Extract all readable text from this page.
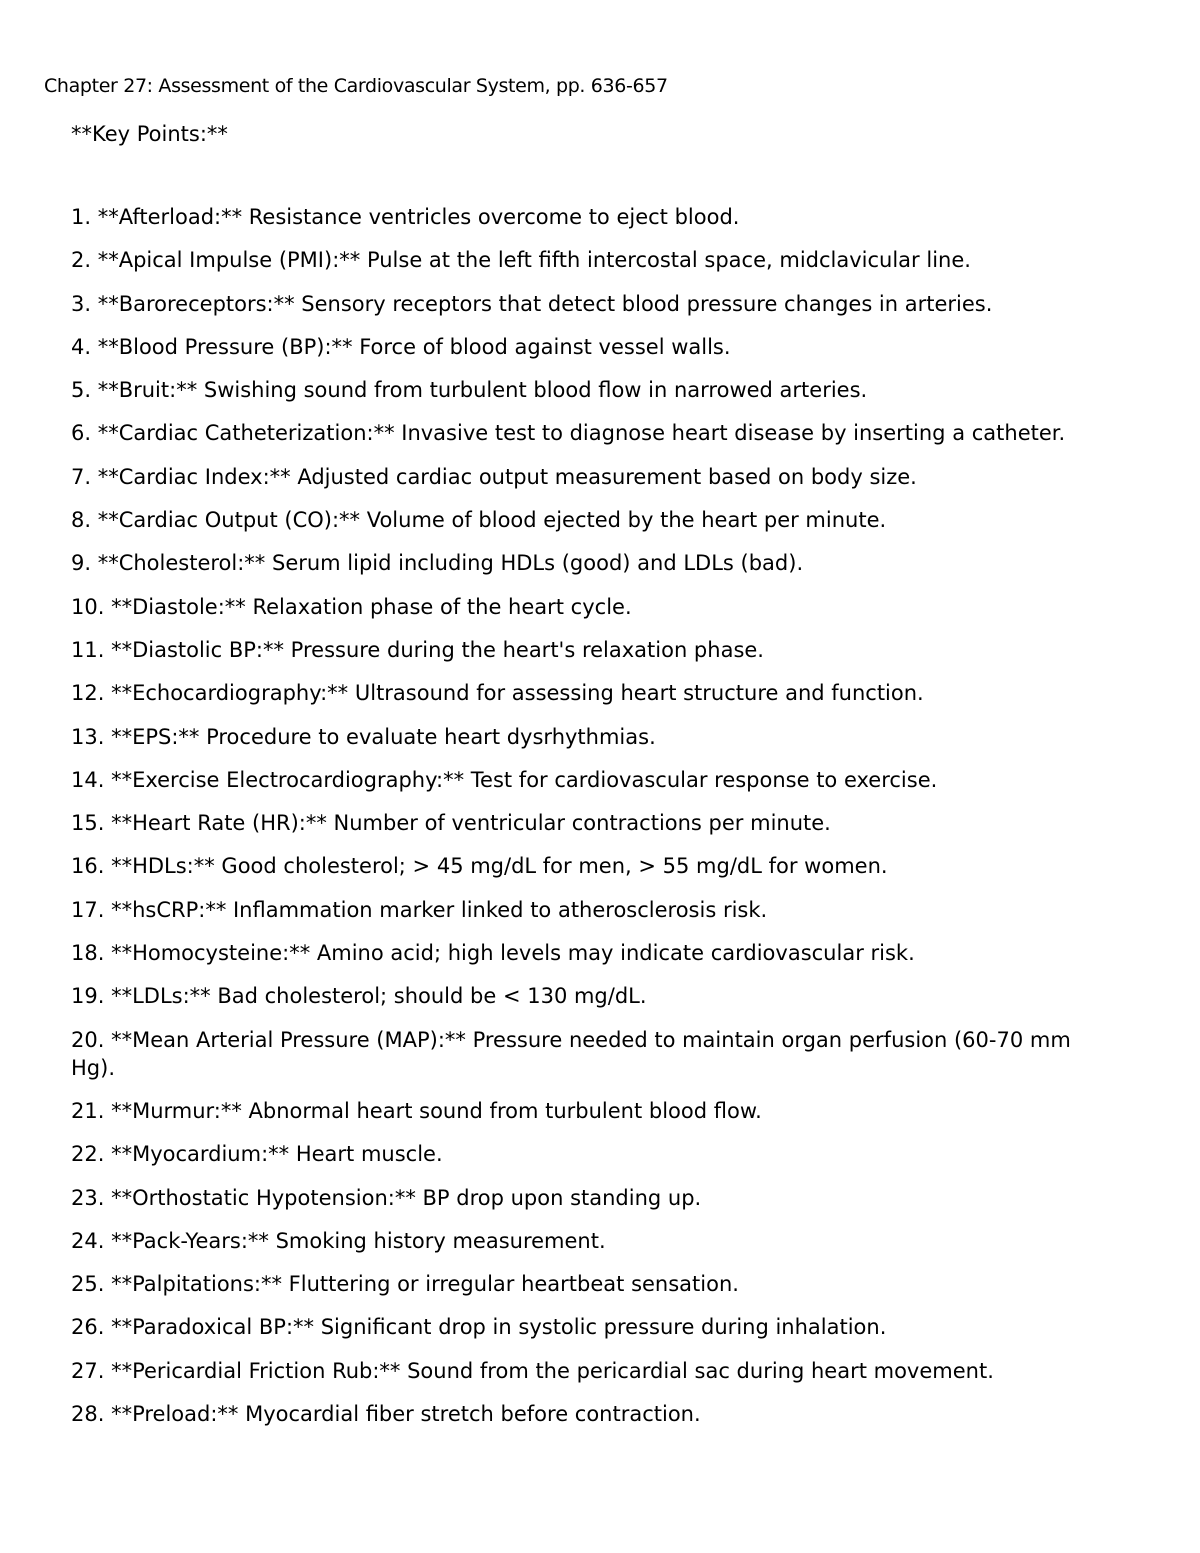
Chapter 27: Assessment of the Cardiovascular System, pp. 636-657
**Key Points:**
1. **Afterload:** Resistance ventricles overcome to eject blood.
2. **Apical Impulse (PMI):** Pulse at the left fifth intercostal space, midclavicular line.
3. **Baroreceptors:** Sensory receptors that detect blood pressure changes in arteries.
4. **Blood Pressure (BP):** Force of blood against vessel walls.
5. **Bruit:** Swishing sound from turbulent blood flow in narrowed arteries.
6. **Cardiac Catheterization:** Invasive test to diagnose heart disease by inserting a catheter.
7. **Cardiac Index:** Adjusted cardiac output measurement based on body size.
8. **Cardiac Output (CO):** Volume of blood ejected by the heart per minute.
9. **Cholesterol:** Serum lipid including HDLs (good) and LDLs (bad).
10. **Diastole:** Relaxation phase of the heart cycle.
11. **Diastolic BP:** Pressure during the heart's relaxation phase.
12. **Echocardiography:** Ultrasound for assessing heart structure and function.
13. **EPS:** Procedure to evaluate heart dysrhythmias.
14. **Exercise Electrocardiography:** Test for cardiovascular response to exercise.
15. **Heart Rate (HR):** Number of ventricular contractions per minute.
16. **HDLs:** Good cholesterol; > 45 mg/dL for men, > 55 mg/dL for women.
17. **hsCRP:** Inflammation marker linked to atherosclerosis risk.
18. **Homocysteine:** Amino acid; high levels may indicate cardiovascular risk.
19. **LDLs:** Bad cholesterol; should be < 130 mg/dL.
20. **Mean Arterial Pressure (MAP):** Pressure needed to maintain organ perfusion (60-70 mm Hg).
21. **Murmur:** Abnormal heart sound from turbulent blood flow.
22. **Myocardium:** Heart muscle.
23. **Orthostatic Hypotension:** BP drop upon standing up.
24. **Pack-Years:** Smoking history measurement.
25. **Palpitations:** Fluttering or irregular heartbeat sensation.
26. **Paradoxical BP:** Significant drop in systolic pressure during inhalation.
27. **Pericardial Friction Rub:** Sound from the pericardial sac during heart movement.
28. **Preload:** Myocardial fiber stretch before contraction.
